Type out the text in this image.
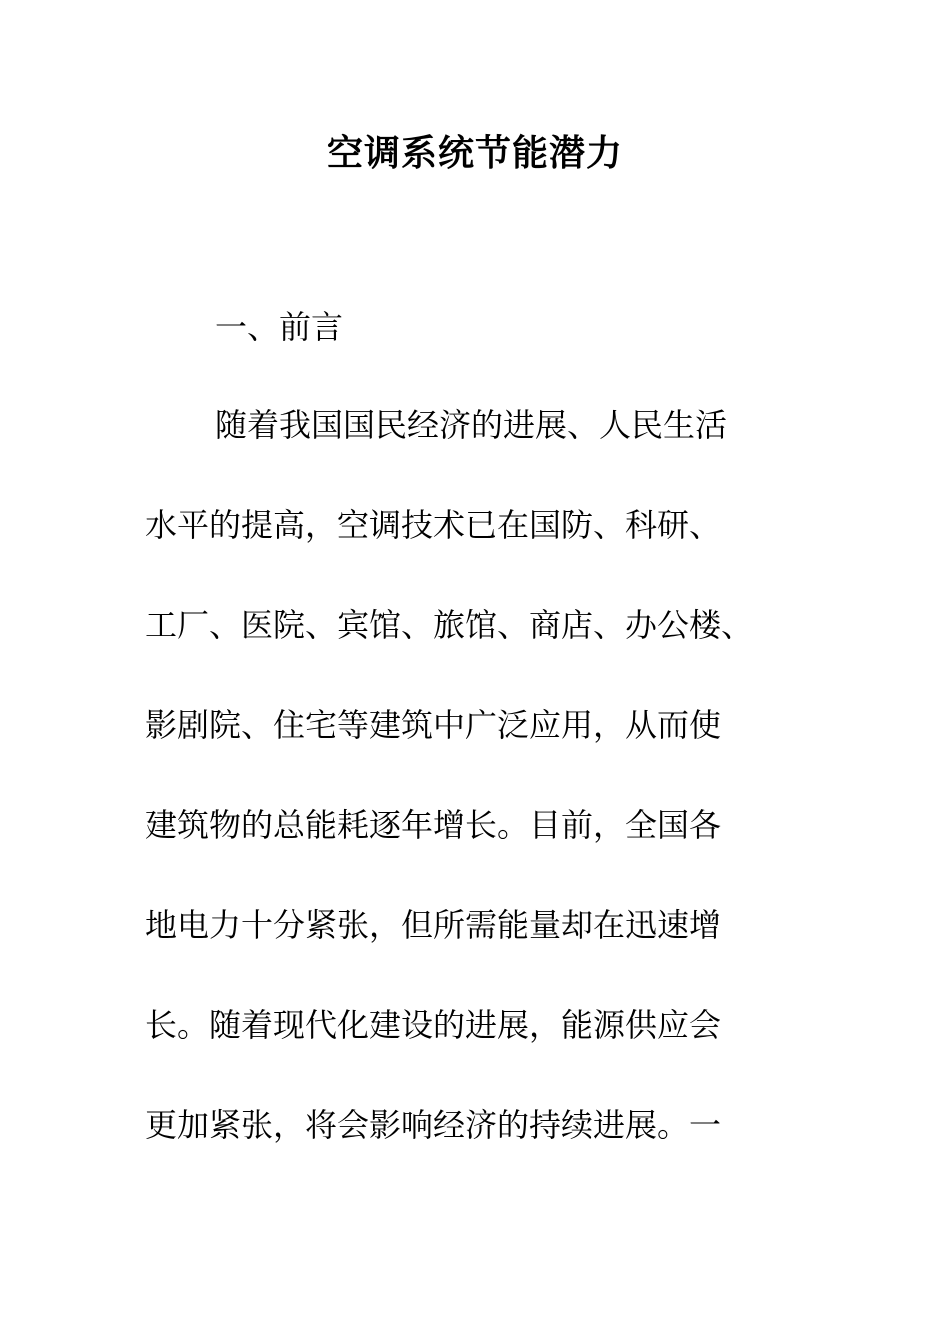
空调系统节能潜力
一、前言
随着我国国民经济的进展、人民生活
水平的提高，空调技术已在国防、科研、
工厂、医院、宾馆、旅馆、商店、办公楼、
影剧院、住宅等建筑中广泛应用，从而使
建筑物的总能耗逐年增长。目前，全国各
地电力十分紧张，但所需能量却在迅速增
长。随着现代化建设的进展，能源供应会
更加紧张，将会影响经济的持续进展。一
